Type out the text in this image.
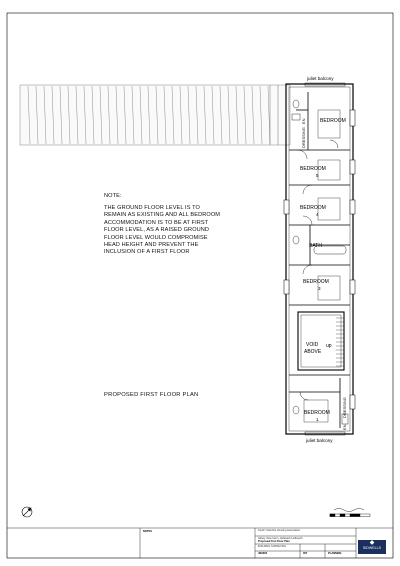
juliet balcony
juliet balcony
DRESSING
EN	BEDROOM
BEDROOM
5
BEDROOM
4
BATH
BEDROOM
3
VOID
ABOVE
up
BEDROOM
1
DRESSING
EN
NOTE:
THE GROUND FLOOR LEVEL IS TO REMAIN AS EXISTING AND ALL BEDROOM ACCOMMODATION IS TO BE AT FIRST FLOOR LEVEL, AS A RAISED GROUND FLOOR LEVEL WOULD COMPROMISE HEAD HEIGHT AND PREVENT THE INCLUSION OF A FIRST FLOOR
PROPOSED FIRST FLOOR PLAN
NOTES	South Yorkshire Housing Association
Abbey View Farm, Holbeach Holbeach
Proposed First Floor Plan
BUILDING SURVEYING
JB0084	007	PLANNING
◆
SIDWELLS
